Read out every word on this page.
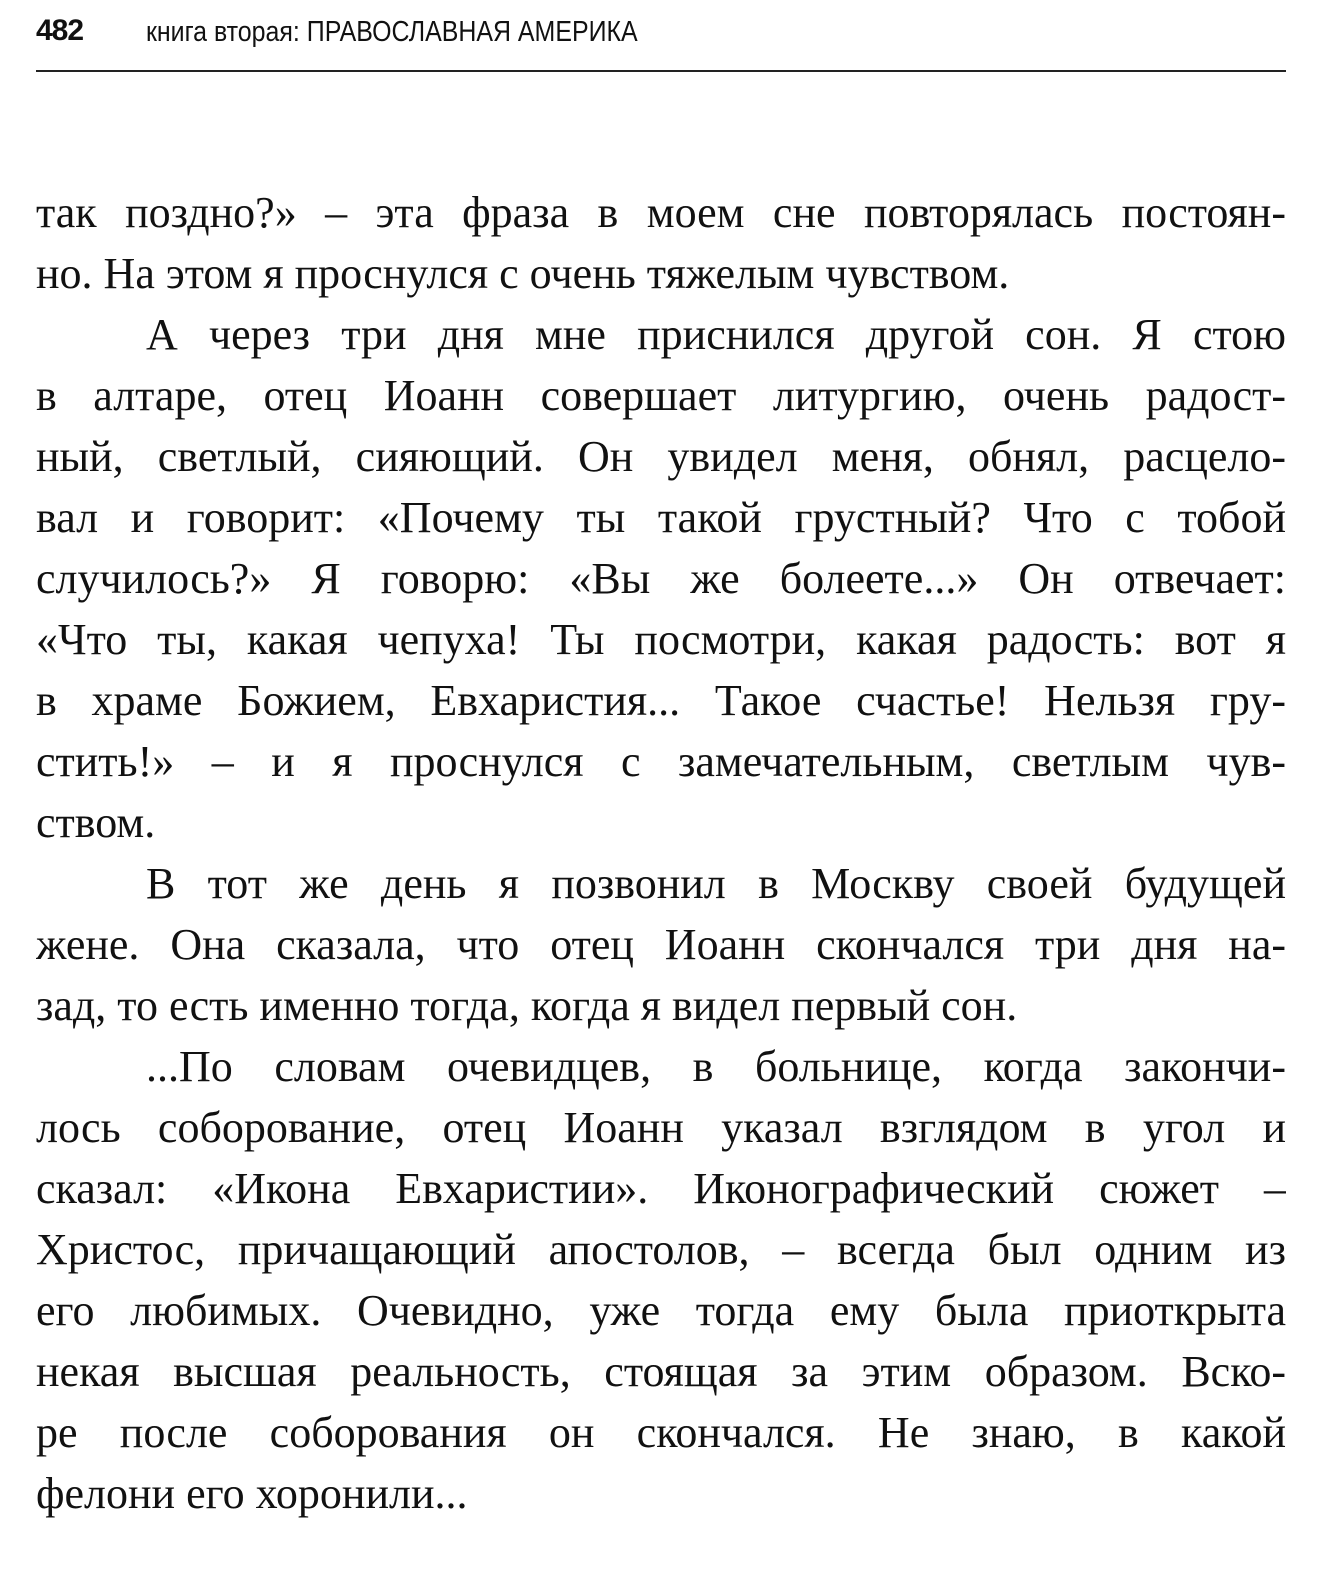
482 книга вторая: ПРАВОСЛАВНАЯ АМЕРИКА
так поздно?» – эта фраза в моем сне повторялась постоян-
но. На этом я проснулся с очень тяжелым чувством.
А через три дня мне приснился другой сон. Я стою
в алтаре, отец Иоанн совершает литургию, очень радост-
ный, светлый, сияющий. Он увидел меня, обнял, расцело-
вал и говорит: «Почему ты такой грустный? Что с тобой
случилось?» Я говорю: «Вы же болеете...» Он отвечает:
«Что ты, какая чепуха! Ты посмотри, какая радость: вот я
в храме Божием, Евхаристия... Такое счастье! Нельзя гру-
стить!» – и я проснулся с замечательным, светлым чув-
ством.
В тот же день я позвонил в Москву своей будущей
жене. Она сказала, что отец Иоанн скончался три дня на-
зад, то есть именно тогда, когда я видел первый сон.
...По словам очевидцев, в больнице, когда закончи-
лось соборование, отец Иоанн указал взглядом в угол и
сказал: «Икона Евхаристии». Иконографический сюжет –
Христос, причащающий апостолов, – всегда был одним из
его любимых. Очевидно, уже тогда ему была приоткрыта
некая высшая реальность, стоящая за этим образом. Вско-
ре после соборования он скончался. Не знаю, в какой
фелони его хоронили...
